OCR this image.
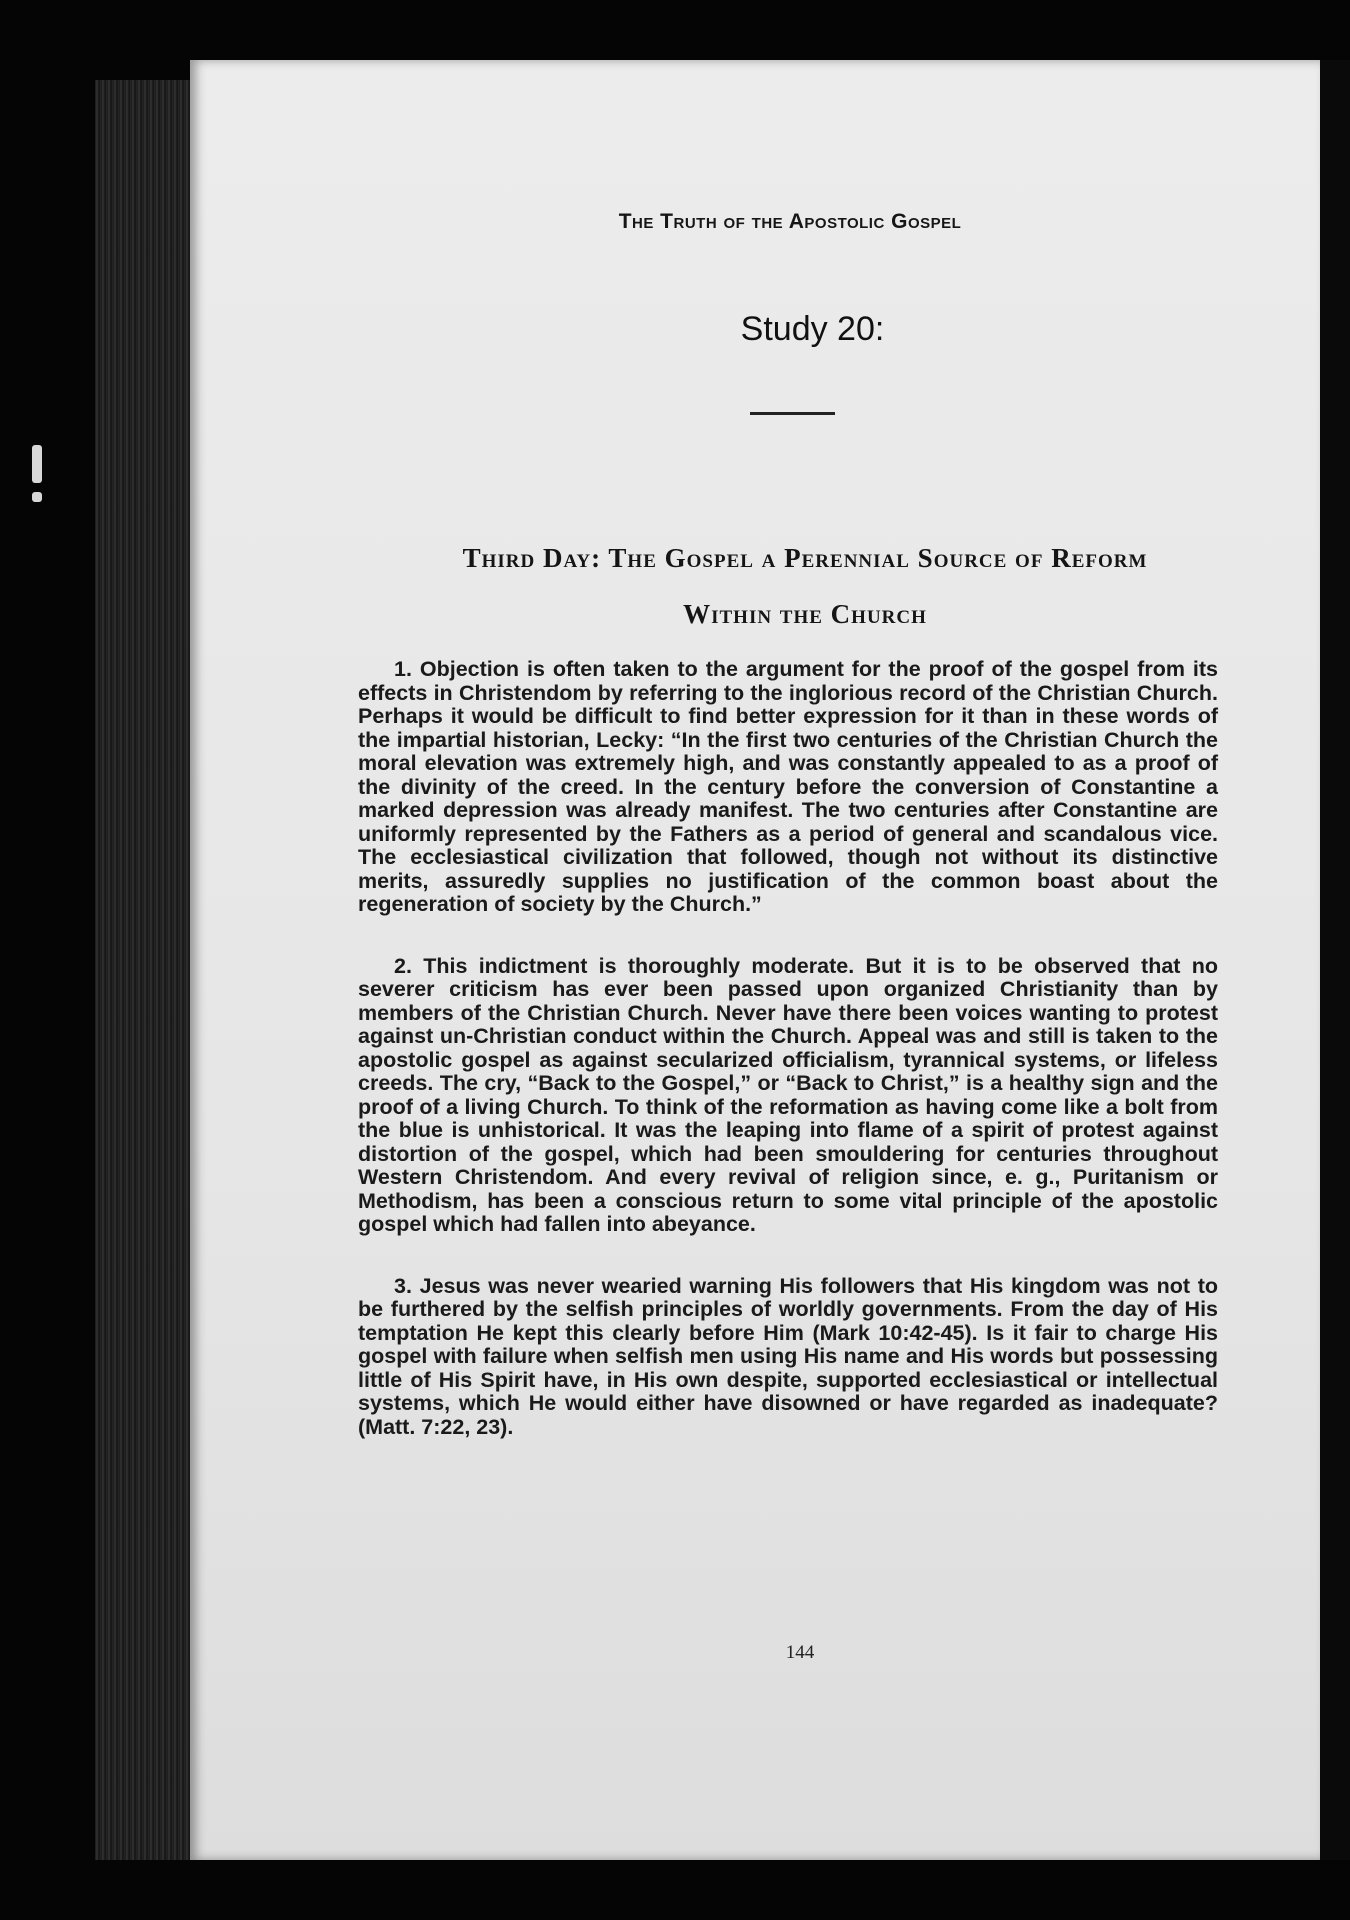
The Truth of the Apostolic Gospel
Study 20:
Third Day: The Gospel a Perennial Source of Reform
Within the Church

1. Objection is often taken to the argument for the proof of the gospel from its effects in Christendom by referring to the inglorious record of the Christian Church. Perhaps it would be difficult to find better expression for it than in these words of the impartial historian, Lecky: “In the first two centuries of the Christian Church the moral elevation was extremely high, and was constantly appealed to as a proof of the divinity of the creed. In the century before the conversion of Constantine a marked depression was already manifest. The two centuries after Constantine are uniformly represented by the Fathers as a period of general and scandalous vice. The ecclesiastical civilization that followed, though not without its distinctive merits, assuredly supplies no justification of the common boast about the regeneration of society by the Church.”

2. This indictment is thoroughly moderate. But it is to be observed that no severer criticism has ever been passed upon organized Christianity than by members of the Christian Church. Never have there been voices wanting to protest against un-Christian conduct within the Church. Appeal was and still is taken to the apostolic gospel as against secularized officialism, tyrannical systems, or lifeless creeds. The cry, “Back to the Gospel,” or “Back to Christ,” is a healthy sign and the proof of a living Church. To think of the reformation as having come like a bolt from the blue is unhistorical. It was the leaping into flame of a spirit of protest against distortion of the gospel, which had been smouldering for centuries throughout Western Christendom. And every revival of religion since, e. g., Puritanism or Methodism, has been a conscious return to some vital principle of the apostolic gospel which had fallen into abeyance.

3. Jesus was never wearied warning His followers that His kingdom was not to be furthered by the selfish principles of worldly governments. From the day of His temptation He kept this clearly before Him (Mark 10:42-45). Is it fair to charge His gospel with failure when selfish men using His name and His words but possessing little of His Spirit have, in His own despite, supported ecclesiastical or intellectual systems, which He would either have disowned or have regarded as inadequate? (Matt. 7:22, 23).

144
